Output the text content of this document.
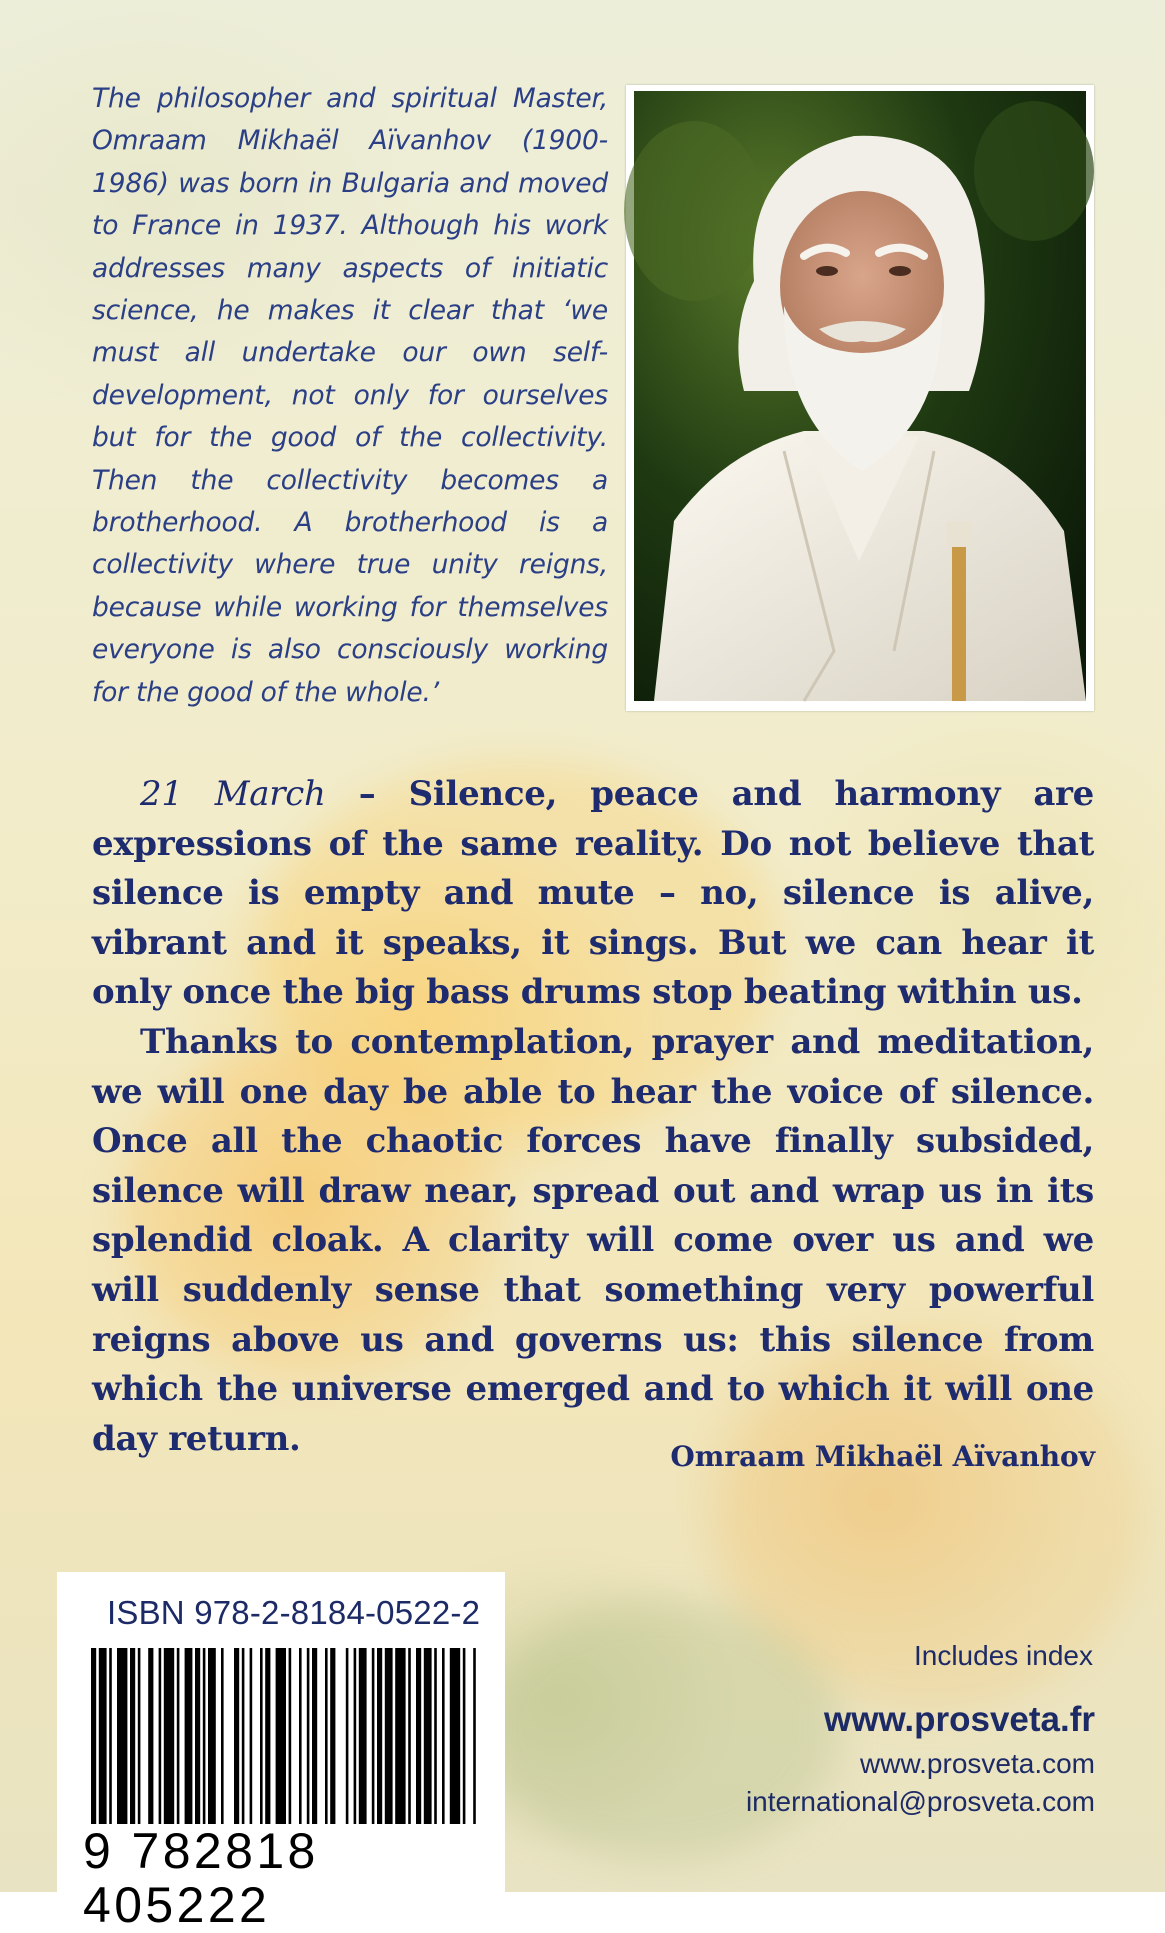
The philosopher and spiritual Master, Omraam Mikhaël Aïvanhov (1900-1986) was born in Bulgaria and moved to France in 1937. Although his work addresses many aspects of initiatic science, he makes it clear that ‘we must all undertake our own self-development, not only for ourselves but for the good of the collectivity. Then the collectivity becomes a brotherhood. A brotherhood is a collectivity where true unity reigns, because while working for themselves everyone is also consciously working for the good of the whole.’

21 March – Silence, peace and harmony are expressions of the same reality. Do not believe that silence is empty and mute – no, silence is alive, vibrant and it speaks, it sings. But we can hear it only once the big bass drums stop beating within us.

Thanks to contemplation, prayer and meditation, we will one day be able to hear the voice of silence. Once all the chaotic forces have finally subsided, silence will draw near, spread out and wrap us in its splendid cloak. A clarity will come over us and we will suddenly sense that something very powerful reigns above us and governs us: this silence from which the universe emerged and to which it will one day return.	Omraam Mikhaël Aïvanhov
ISBN 978-2-8184-0522-2
9 782818 405222
Includes index
www.prosveta.fr
www.prosveta.com
international@prosveta.com
